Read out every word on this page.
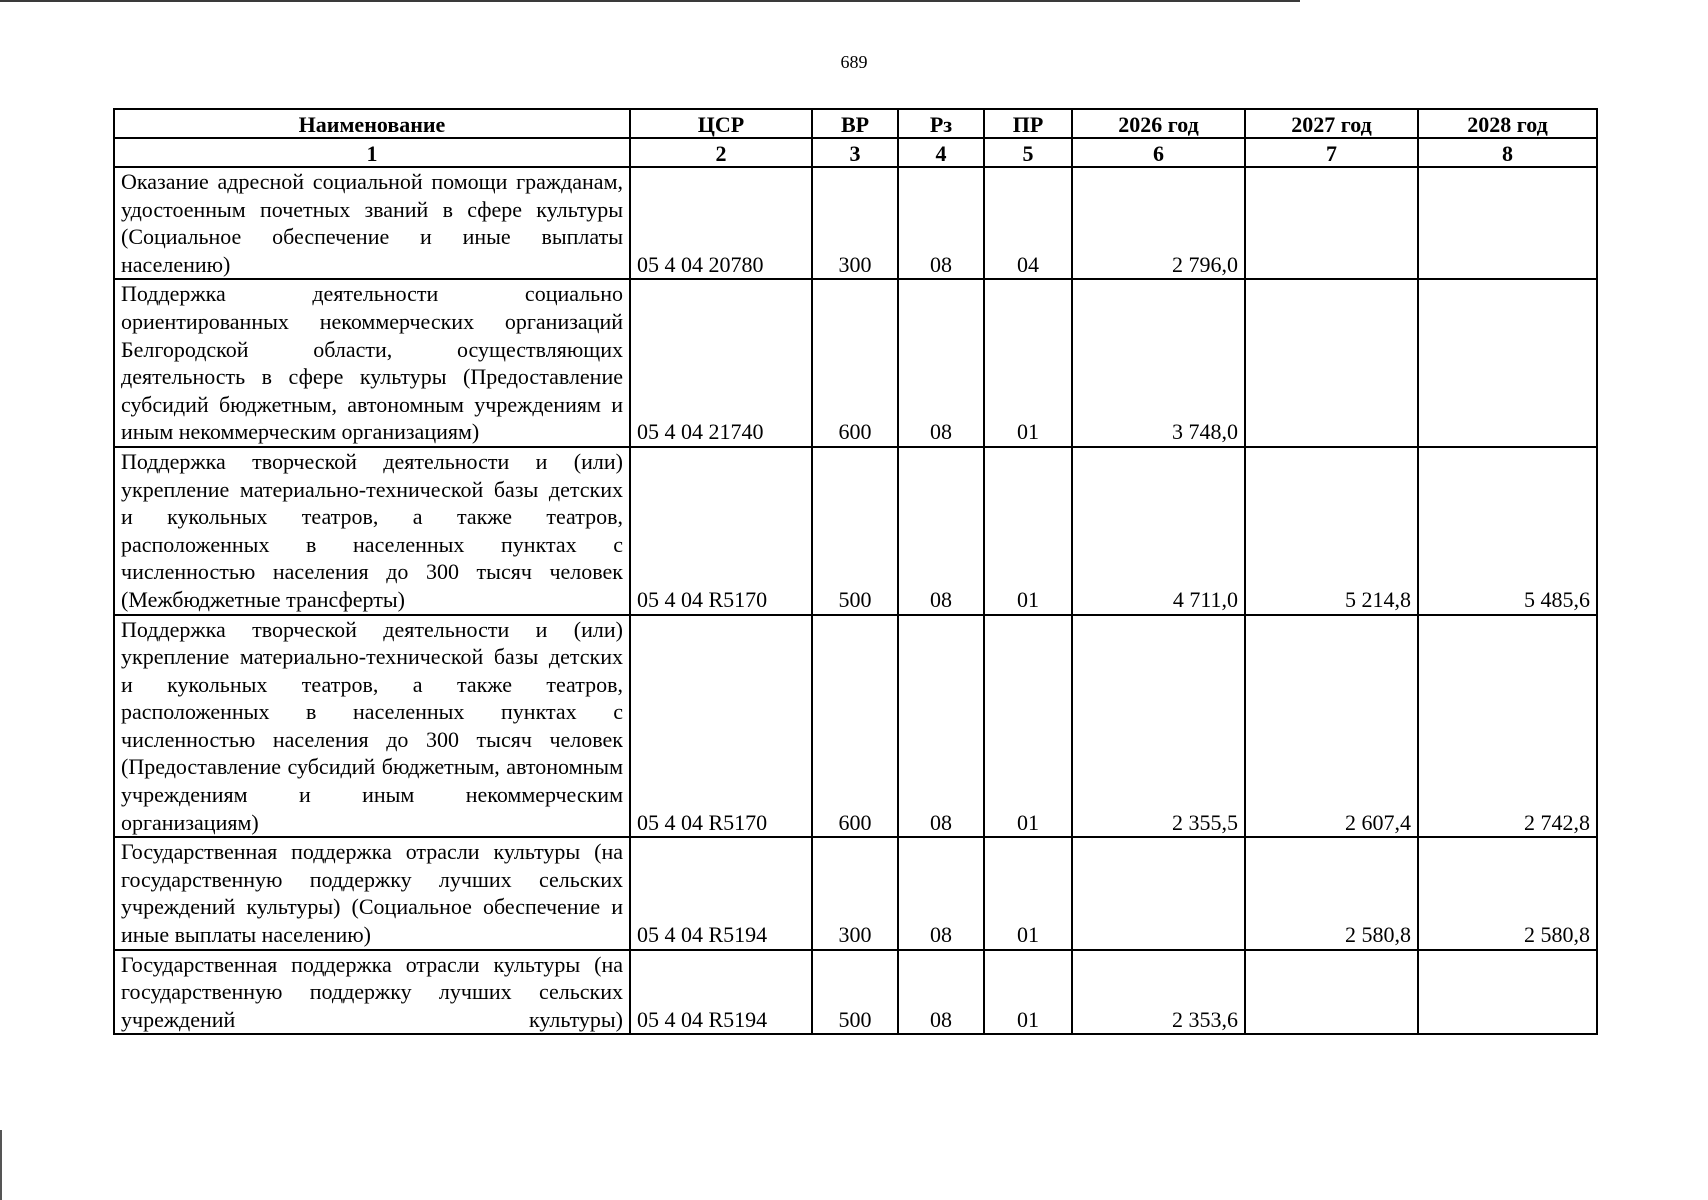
689
Наименование	ЦСР	ВР	Рз	ПР	2026 год	2027 год	2028 год
1	2	3	4	5	6	7	8
Оказание адресной социальной помощи гражданам, удостоенным почетных званий в сфере культуры (Социальное обеспечение и иные выплаты населению)	05 4 04 20780	300	08	04	2 796,0		
Поддержка деятельности социально ориентированных некоммерческих организаций Белгородской области, осуществляющих деятельность в сфере культуры (Предоставление субсидий бюджетным, автономным учреждениям и иным некоммерческим организациям)	05 4 04 21740	600	08	01	3 748,0		
Поддержка творческой деятельности и (или) укрепление материально-технической базы детских и кукольных театров, а также театров, расположенных в населенных пунктах с численностью населения до 300 тысяч человек (Межбюджетные трансферты)	05 4 04 R5170	500	08	01	4 711,0	5 214,8	5 485,6
Поддержка творческой деятельности и (или) укрепление материально-технической базы детских и кукольных театров, а также театров, расположенных в населенных пунктах с численностью населения до 300 тысяч человек (Предоставление субсидий бюджетным, автономным учреждениям и иным некоммерческим организациям)	05 4 04 R5170	600	08	01	2 355,5	2 607,4	2 742,8
Государственная поддержка отрасли культуры (на государственную поддержку лучших сельских учреждений культуры) (Социальное обеспечение и иные выплаты населению)	05 4 04 R5194	300	08	01		2 580,8	2 580,8
Государственная поддержка отрасли культуры (на государственную поддержку лучших сельских учреждений культуры)	05 4 04 R5194	500	08	01	2 353,6		
